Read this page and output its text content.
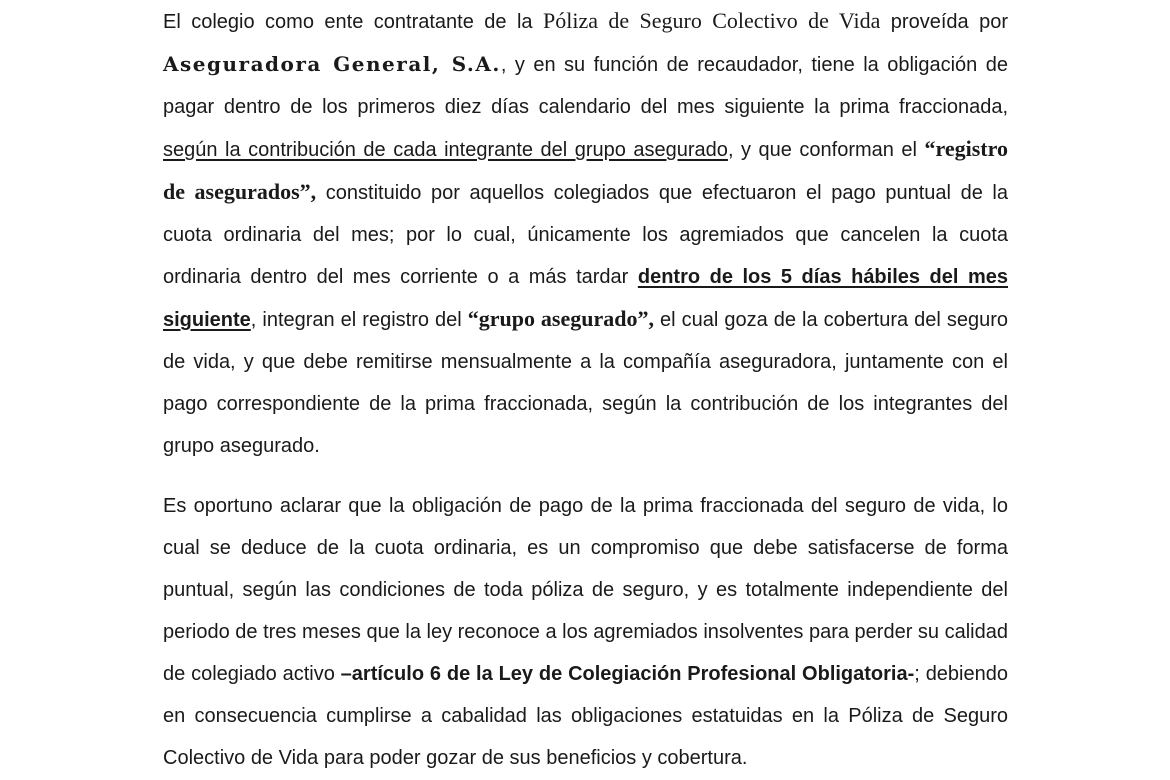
El colegio como ente contratante de la Póliza de Seguro Colectivo de Vida proveída por Aseguradora General, S.A., y en su función de recaudador, tiene la obligación de pagar dentro de los primeros diez días calendario del mes siguiente la prima fraccionada, según la contribución de cada integrante del grupo asegurado, y que conforman el “registro de asegurados”, constituido por aquellos colegiados que efectuaron el pago puntual de la cuota ordinaria del mes; por lo cual, únicamente los agremiados que cancelen la cuota ordinaria dentro del mes corriente o a más tardar dentro de los 5 días hábiles del mes siguiente, integran el registro del “grupo asegurado”, el cual goza de la cobertura del seguro de vida, y que debe remitirse mensualmente a la compañía aseguradora, juntamente con el pago correspondiente de la prima fraccionada, según la contribución de los integrantes del grupo asegurado.

Es oportuno aclarar que la obligación de pago de la prima fraccionada del seguro de vida, lo cual se deduce de la cuota ordinaria, es un compromiso que debe satisfacerse de forma puntual, según las condiciones de toda póliza de seguro, y es totalmente independiente del periodo de tres meses que la ley reconoce a los agremiados insolventes para perder su calidad de colegiado activo –artículo 6 de la Ley de Colegiación Profesional Obligatoria-; debiendo en consecuencia cumplirse a cabalidad las obligaciones estatuidas en la Póliza de Seguro Colectivo de Vida para poder gozar de sus beneficios y cobertura.
